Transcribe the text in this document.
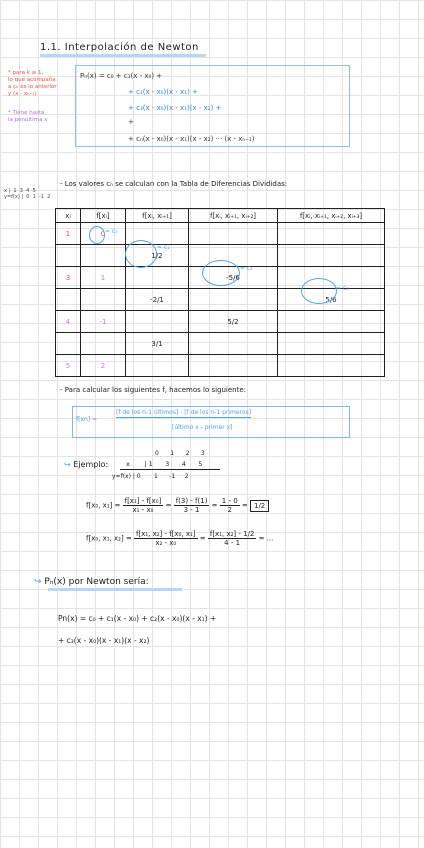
1.1. Interpolación de Newton
* para k ≥ 1,
lo que acompaña
a cₖ es lo anterior
y (x - xₖ₋₁)
* Tiene hasta
la penúltima x
Pₙ(x) = c₀ + c₁(x - x₀) +
+ c₂(x - x₀)(x - x₁) +
+ c₃(x - x₀)(x - x₁)(x - x₂) +
+
+ cₙ(x - x₀)(x - x₁)(x - x₂) ··· (x - xₙ₋₁)
x |  1 3 4 5
y=f(x) |  0 1 -1 2
- Los valores cₙ se calculan con la Tabla de Diferencias Divididas:
xᵢ	f[xᵢ]	f[xᵢ, xᵢ₊₁]	f[xᵢ, xᵢ₊₁, xᵢ₊₂]	f[xᵢ, xᵢ₊₁, xᵢ₊₂, xᵢ₊₃]
1	0			
		1/2		
3	1		-5/6	
		-2/1		5/6
4	-1		5/2	
		3/1		
5	2			
= c₀
= c₁
= c₂
= c₃
- Para calcular los siguientes f, hacemos lo siguiente:
f[xn] =
[f de los n-1 últimos] - [f de los n-1 primeros]
[último x - primer x]
↪ Ejemplo:
0 1 2 3
x       | 1 3 4 5
y=f(x) | 0 1 -1 2
f[x₀, $x_1] = \frac{\text{f[x₁] - f[x₀]}}{\text{x₁ - x₀}} = \frac{f(3) - f(1)}{3 - 1} = \frac{1 - 0}{2} = 1/2$
f[x₀, x₁, $x_2] = \frac{\text{f[x₁, x₂] - f[x₀, x₁]}}{\text{x₂ - x₀}} = \frac{\text{f[x₁, x₂] - 1/2}}{4 - 1}$ = ...
↪ Pₙ(x) por Newton sería:
Pn(x) = c₀ + c₁(x - x₀) + c₂(x - x₀)(x - x₁) +
+ c₃(x - x₀)(x - x₁)(x - x₂)
